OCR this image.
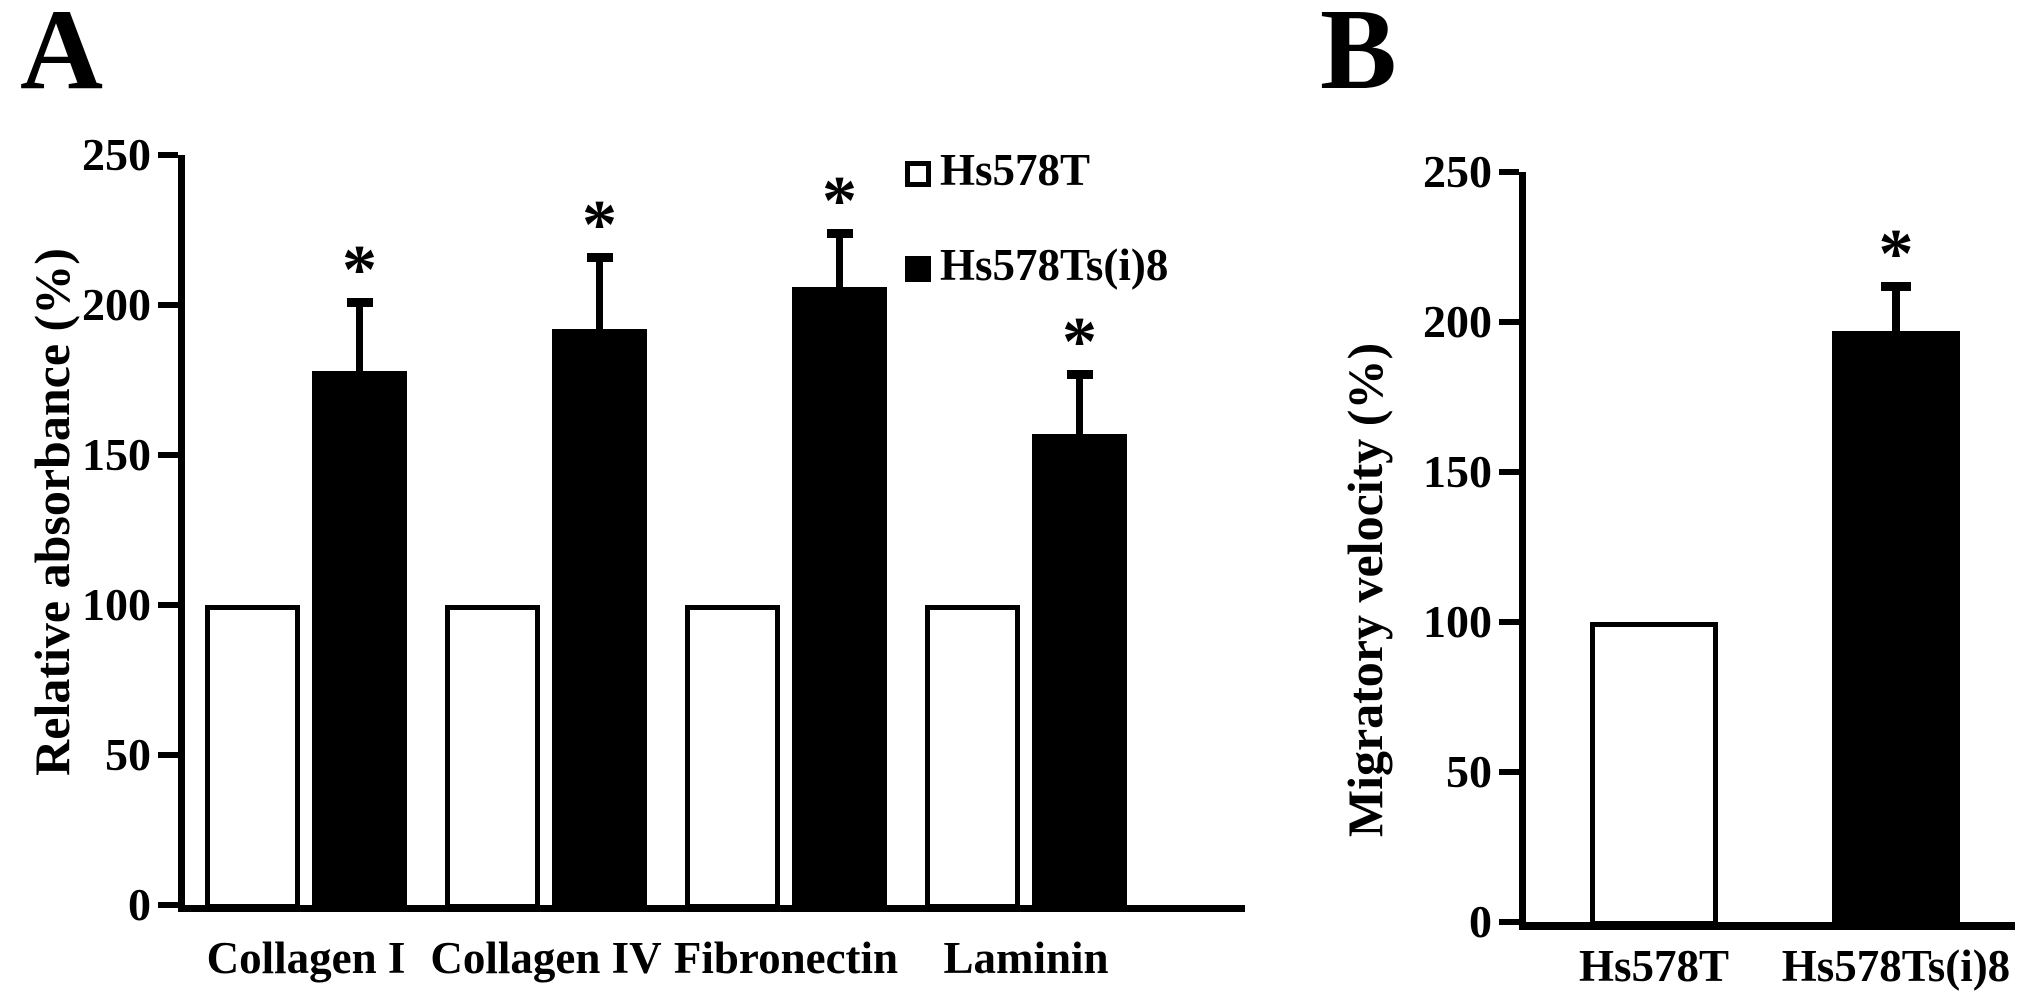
A	B
Relative absorbance (%)	Migratory velocity (%)
0
50
100
150
200
250
*
Collagen I
*
Collagen IV
*
Fibronectin
*
Laminin
Hs578T
Hs578Ts(i)8
0
50
100
150
200
250
Hs578T
*
Hs578Ts(i)8
